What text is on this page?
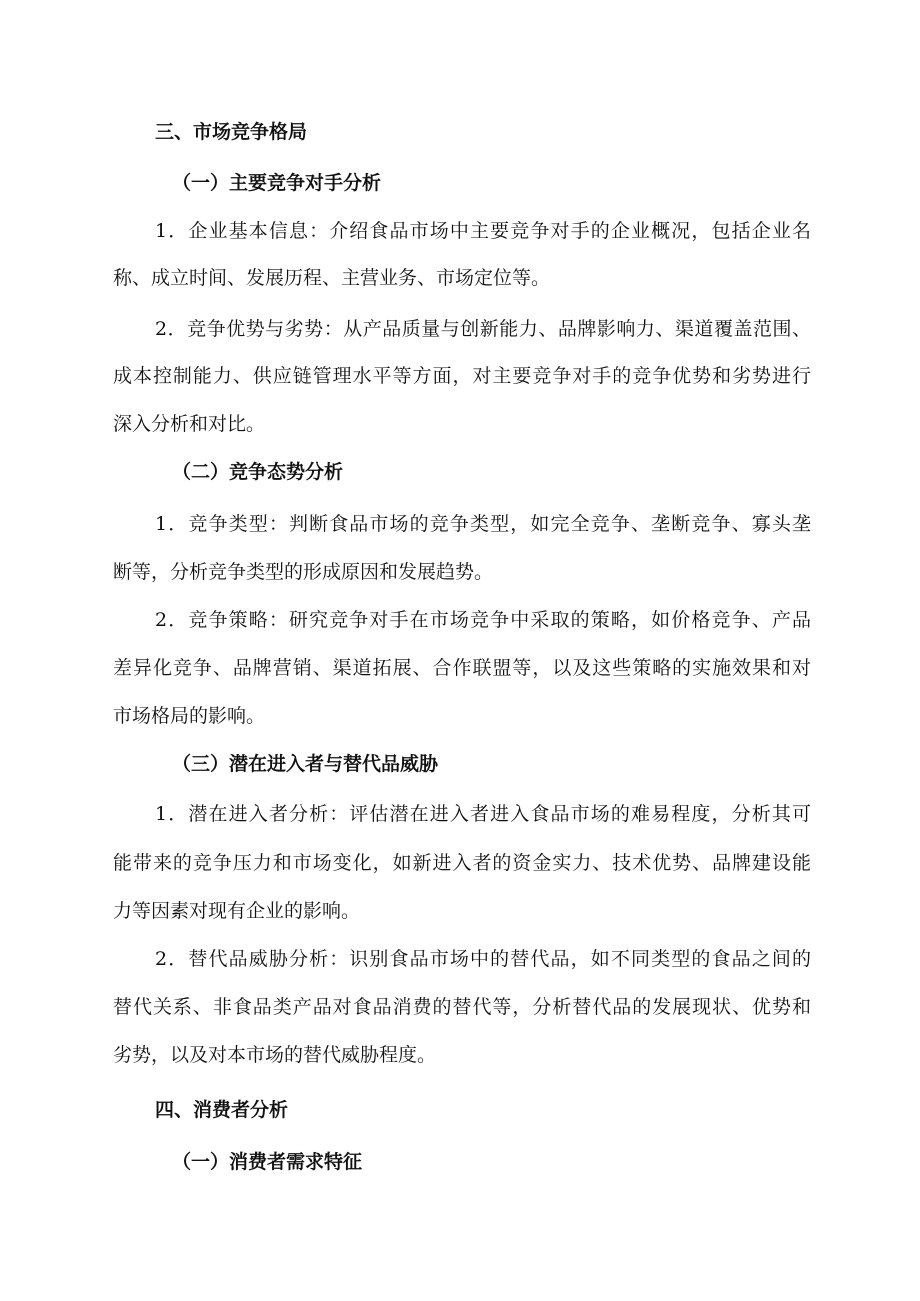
三、市场竞争格局

（一）主要竞争对手分析

1．企业基本信息：介绍食品市场中主要竞争对手的企业概况，包括企业名

称、成立时间、发展历程、主营业务、市场定位等。

2．竞争优势与劣势：从产品质量与创新能力、品牌影响力、渠道覆盖范围、

成本控制能力、供应链管理水平等方面，对主要竞争对手的竞争优势和劣势进行

深入分析和对比。

（二）竞争态势分析

1．竞争类型：判断食品市场的竞争类型，如完全竞争、垄断竞争、寡头垄

断等，分析竞争类型的形成原因和发展趋势。

2．竞争策略：研究竞争对手在市场竞争中采取的策略，如价格竞争、产品

差异化竞争、品牌营销、渠道拓展、合作联盟等，以及这些策略的实施效果和对

市场格局的影响。

（三）潜在进入者与替代品威胁

1．潜在进入者分析：评估潜在进入者进入食品市场的难易程度，分析其可

能带来的竞争压力和市场变化，如新进入者的资金实力、技术优势、品牌建设能

力等因素对现有企业的影响。

2．替代品威胁分析：识别食品市场中的替代品，如不同类型的食品之间的

替代关系、非食品类产品对食品消费的替代等，分析替代品的发展现状、优势和

劣势，以及对本市场的替代威胁程度。

四、消费者分析

（一）消费者需求特征
